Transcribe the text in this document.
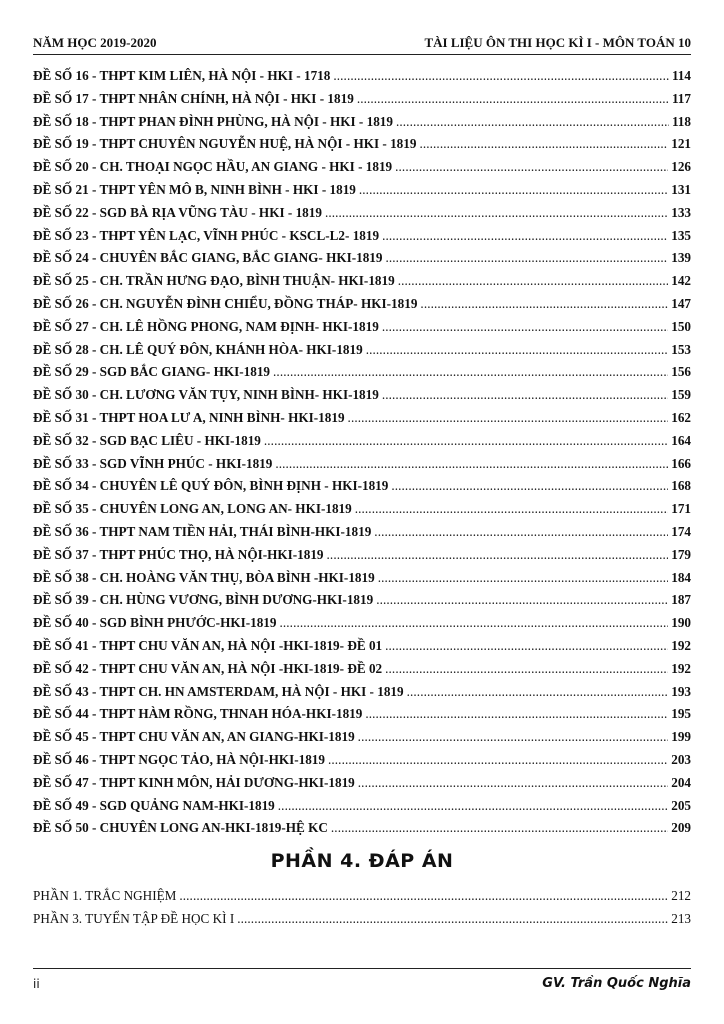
NĂM HỌC 2019-2020	TÀI LIỆU ÔN THI HỌC KÌ I - MÔN TOÁN 10
ĐỀ SỐ 16 - THPT KIM LIÊN, HÀ NỘI - HKI - 1718 . . .	114
ĐỀ SỐ 17 - THPT NHÂN CHÍNH, HÀ NỘI - HKI - 1819 . . .	117
ĐỀ SỐ 18 - THPT PHAN ĐÌNH PHÙNG, HÀ NỘI - HKI - 1819 . . .	118
ĐỀ SỐ 19 - THPT CHUYÊN NGUYỄN HUỆ, HÀ NỘI - HKI - 1819 . . .	121
ĐỀ SỐ 20 - CH. THOẠI NGỌC HẦU, AN GIANG - HKI - 1819 . . .	126
ĐỀ SỐ 21 - THPT YÊN MÔ B, NINH BÌNH - HKI - 1819 . . .	131
ĐỀ SỐ 22 - SGD BÀ RỊA VŨNG TÀU - HKI - 1819 . . .	133
ĐỀ SỐ 23 - THPT YÊN LẠC, VĨNH PHÚC - KSCL-L2- 1819 . . .	135
ĐỀ SỐ 24 - CHUYÊN BẮC GIANG, BẮC GIANG- HKI-1819 . . .	139
ĐỀ SỐ 25 - CH. TRẦN HƯNG ĐẠO, BÌNH THUẬN- HKI-1819 . . .	142
ĐỀ SỐ 26 - CH. NGUYỄN ĐÌNH CHIỂU, ĐỒNG THÁP- HKI-1819 . . .	147
ĐỀ SỐ 27 - CH. LÊ HỒNG PHONG, NAM ĐỊNH- HKI-1819 . . .	150
ĐỀ SỐ 28 - CH. LÊ QUÝ ĐÔN, KHÁNH HÒA- HKI-1819 . . .	153
ĐỀ SỐ 29 - SGD BẮC GIANG- HKI-1819 . . .	156
ĐỀ SỐ 30 - CH. LƯƠNG VĂN TỤY, NINH BÌNH- HKI-1819 . . .	159
ĐỀ SỐ 31 - THPT HOA LƯ A, NINH BÌNH- HKI-1819 . . .	162
ĐỀ SỐ 32 - SGD BẠC LIÊU - HKI-1819 . . .	164
ĐỀ SỐ 33 - SGD VĨNH PHÚC - HKI-1819 . . .	166
ĐỀ SỐ 34 - CHUYÊN LÊ QUÝ ĐÔN, BÌNH ĐỊNH - HKI-1819 . . .	168
ĐỀ SỐ 35 - CHUYÊN LONG AN, LONG AN- HKI-1819 . . .	171
ĐỀ SỐ 36 - THPT NAM TIỀN HẢI, THÁI BÌNH-HKI-1819 . . .	174
ĐỀ SỐ 37 - THPT PHÚC THỌ, HÀ NỘI-HKI-1819 . . .	179
ĐỀ SỐ 38 - CH. HOÀNG VĂN THỤ, BÒA BÌNH -HKI-1819 . . .	184
ĐỀ SỐ 39 - CH. HÙNG VƯƠNG, BÌNH DƯƠNG-HKI-1819 . . .	187
ĐỀ SỐ 40 - SGD BÌNH PHƯỚC-HKI-1819 . . .	190
ĐỀ SỐ 41 - THPT CHU VĂN AN, HÀ NỘI -HKI-1819- ĐỀ 01 . . .	192
ĐỀ SỐ 42 - THPT CHU VĂN AN, HÀ NỘI -HKI-1819- ĐỀ 02 . . .	192
ĐỀ SỐ 43 - THPT CH. HN AMSTERDAM, HÀ NỘI - HKI - 1819 . . .	193
ĐỀ SỐ 44 - THPT HÀM RỒNG, THNAH HÓA-HKI-1819 . . .	195
ĐỀ SỐ 45 - THPT CHU VĂN AN, AN GIANG-HKI-1819 . . .	199
ĐỀ SỐ 46 - THPT NGỌC TẢO, HÀ NỘI-HKI-1819 . . .	203
ĐỀ SỐ 47 - THPT KINH MÔN, HẢI DƯƠNG-HKI-1819 . . .	204
ĐỀ SỐ 49 - SGD QUẢNG NAM-HKI-1819 . . .	205
ĐỀ SỐ 50 - CHUYÊN LONG AN-HKI-1819-HỆ KC . . .	209
PHẦN 4. ĐÁP ÁN
PHẦN 1. TRẮC NGHIỆM . . .	212
PHẦN 3. TUYỂN TẬP ĐỀ HỌC KÌ I . . .	213
ii	GV. Trần Quốc Nghĩa
